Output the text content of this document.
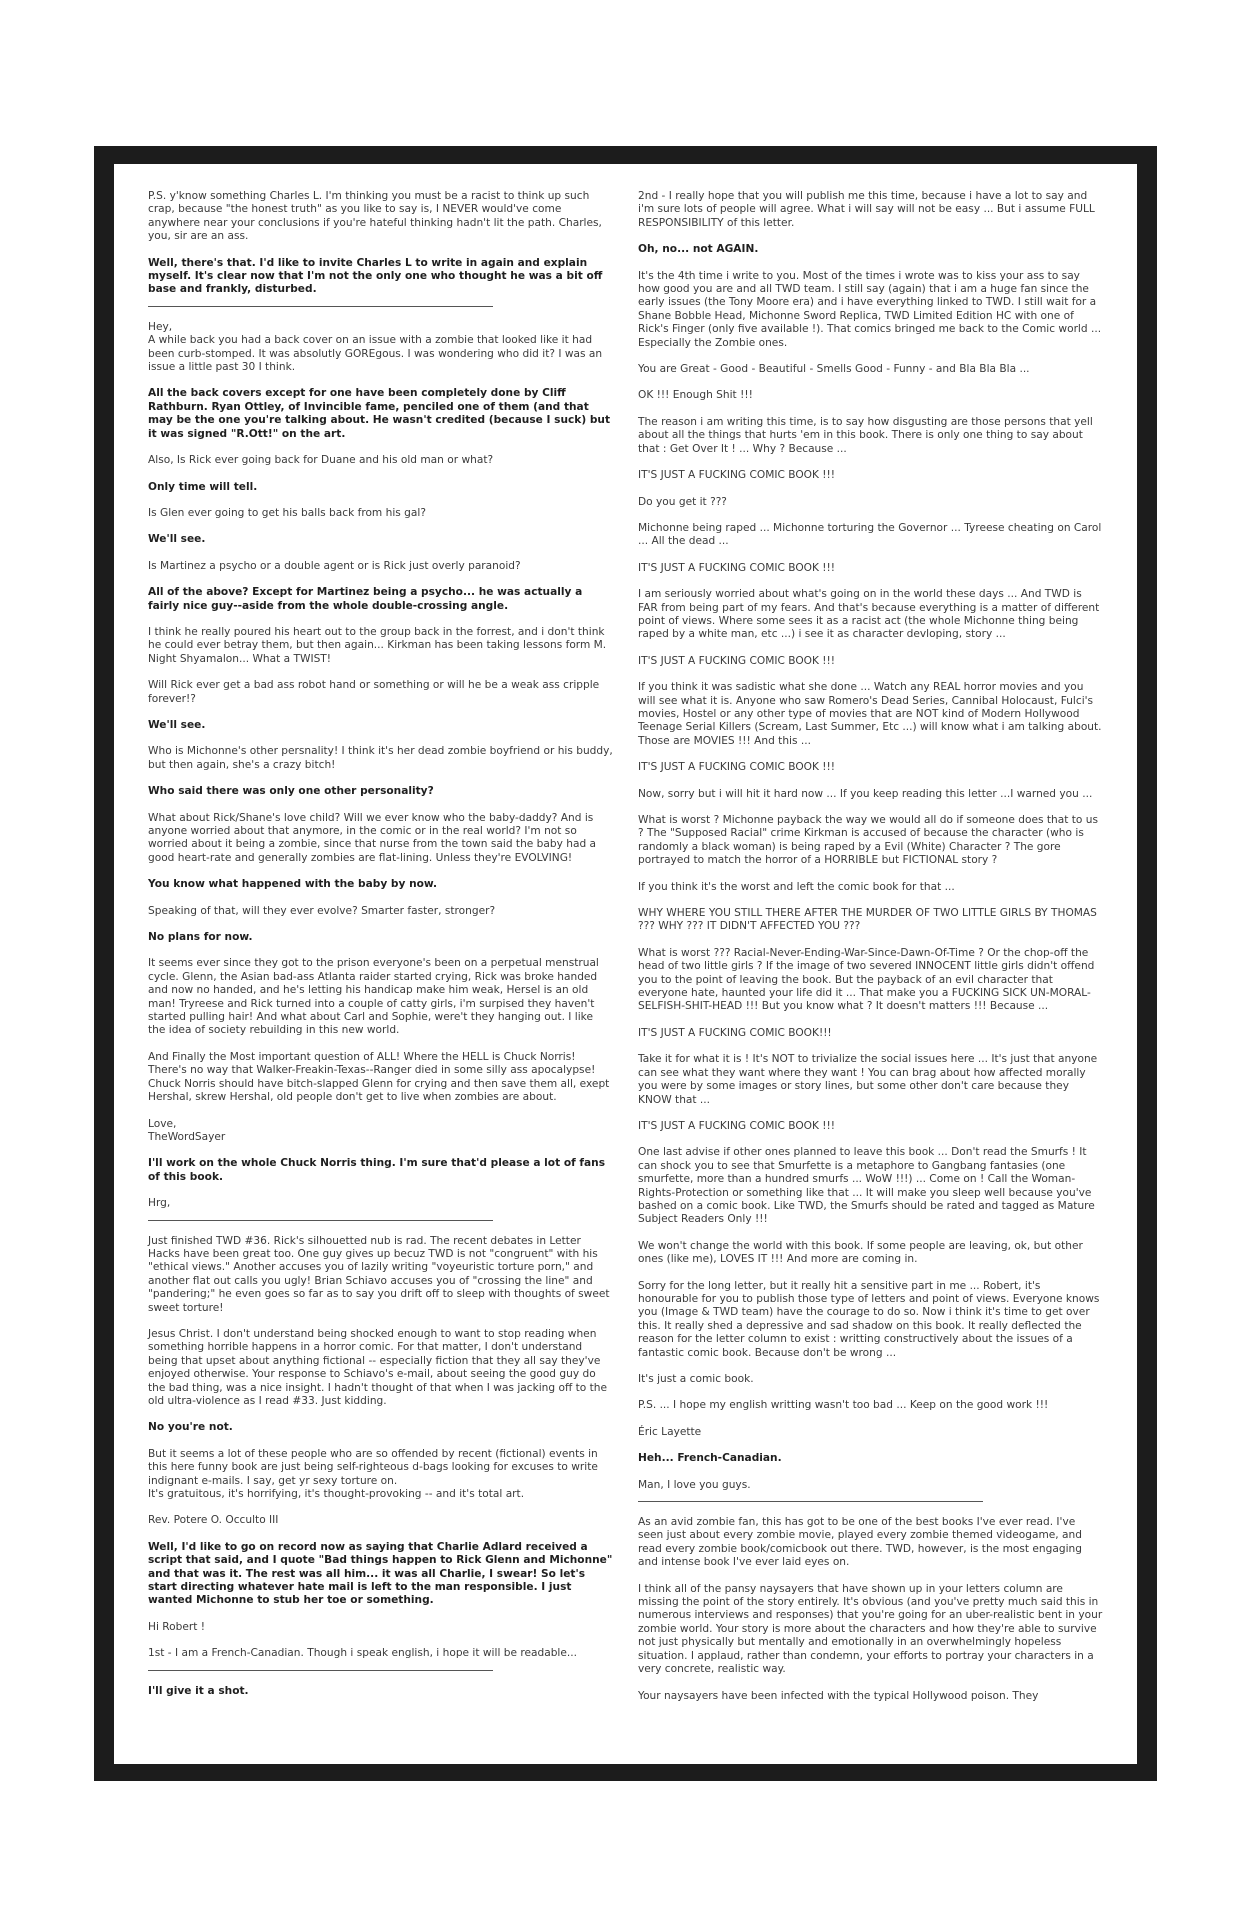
P.S. y'know something Charles L. I'm thinking you must be a racist to think up such crap, because "the honest truth" as you like to say is, I NEVER would've come anywhere near your conclusions if you're hateful thinking hadn't lit the path. Charles, you, sir are an ass.

Well, there's that. I'd like to invite Charles L to write in again and explain myself. It's clear now that I'm not the only one who thought he was a bit off base and frankly, disturbed.

Hey,
A while back you had a back cover on an issue with a zombie that looked like it had been curb-stomped. It was absolutly GOREgous. I was wondering who did it? I was an issue a little past 30 I think.

All the back covers except for one have been completely done by Cliff Rathburn. Ryan Ottley, of Invincible fame, penciled one of them (and that may be the one you're talking about. He wasn't credited (because I suck) but it was signed "R.Ott!" on the art.

Also, Is Rick ever going back for Duane and his old man or what?

Only time will tell.

Is Glen ever going to get his balls back from his gal?

We'll see.

Is Martinez a psycho or a double agent or is Rick just overly paranoid?

All of the above? Except for Martinez being a psycho... he was actually a fairly nice guy--aside from the whole double-crossing angle.

I think he really poured his heart out to the group back in the forrest, and i don't think he could ever betray them, but then again... Kirkman has been taking lessons form M. Night Shyamalon... What a TWIST!

Will Rick ever get a bad ass robot hand or something or will he be a weak ass cripple forever!?

We'll see.

Who is Michonne's other persnality! I think it's her dead zombie boyfriend or his buddy, but then again, she's a crazy bitch!

Who said there was only one other personality?

What about Rick/Shane's love child? Will we ever know who the baby-daddy? And is anyone worried about that anymore, in the comic or in the real world? I'm not so worried about it being a zombie, since that nurse from the town said the baby had a good heart-rate and generally zombies are flat-lining. Unless they're EVOLVING!

You know what happened with the baby by now.

Speaking of that, will they ever evolve? Smarter faster, stronger?

No plans for now.

It seems ever since they got to the prison everyone's been on a perpetual menstrual cycle. Glenn, the Asian bad-ass Atlanta raider started crying, Rick was broke handed and now no handed, and he's letting his handicap make him weak, Hersel is an old man! Tryreese and Rick turned into a couple of catty girls, i'm surpised they haven't started pulling hair! And what about Carl and Sophie, were't they hanging out. I like the idea of society rebuilding in this new world.

And Finally the Most important question of ALL! Where the HELL is Chuck Norris! There's no way that Walker-Freakin-Texas--Ranger died in some silly ass apocalypse! Chuck Norris should have bitch-slapped Glenn for crying and then save them all, exept Hershal, skrew Hershal, old people don't get to live when zombies are about.

Love,
TheWordSayer

I'll work on the whole Chuck Norris thing. I'm sure that'd please a lot of fans of this book.

Hrg,

Just finished TWD #36. Rick's silhouetted nub is rad. The recent debates in Letter Hacks have been great too. One guy gives up becuz TWD is not "congruent" with his "ethical views." Another accuses you of lazily writing "voyeuristic torture porn," and another flat out calls you ugly! Brian Schiavo accuses you of "crossing the line" and "pandering;" he even goes so far as to say you drift off to sleep with thoughts of sweet sweet torture!

Jesus Christ. I don't understand being shocked enough to want to stop reading when something horrible happens in a horror comic. For that matter, I don't understand being that upset about anything fictional -- especially fiction that they all say they've enjoyed otherwise. Your response to Schiavo's e-mail, about seeing the good guy do the bad thing, was a nice insight. I hadn't thought of that when I was jacking off to the old ultra-violence as I read #33. Just kidding.

No you're not.

But it seems a lot of these people who are so offended by recent (fictional) events in this here funny book are just being self-righteous d-bags looking for excuses to write indignant e-mails. I say, get yr sexy torture on.
It's gratuitous, it's horrifying, it's thought-provoking -- and it's total art.

Rev. Potere O. Occulto III

Well, I'd like to go on record now as saying that Charlie Adlard received a script that said, and I quote "Bad things happen to Rick Glenn and Michonne" and that was it. The rest was all him... it was all Charlie, I swear! So let's start directing whatever hate mail is left to the man responsible. I just wanted Michonne to stub her toe or something.

Hi Robert !

1st - I am a French-Canadian. Though i speak english, i hope it will be readable...

I'll give it a shot.

2nd - I really hope that you will publish me this time, because i have a lot to say and i'm sure lots of people will agree. What i will say will not be easy ... But i assume FULL RESPONSIBILITY of this letter.

Oh, no... not AGAIN.

It's the 4th time i write to you. Most of the times i wrote was to kiss your ass to say how good you are and all TWD team. I still say (again) that i am a huge fan since the early issues (the Tony Moore era) and i have everything linked to TWD. I still wait for a Shane Bobble Head, Michonne Sword Replica, TWD Limited Edition HC with one of Rick's Finger (only five available !). That comics bringed me back to the Comic world ... Especially the Zombie ones.

You are Great - Good - Beautiful - Smells Good - Funny - and Bla Bla Bla ...

OK !!! Enough Shit !!!

The reason i am writing this time, is to say how disgusting are those persons that yell about all the things that hurts 'em in this book. There is only one thing to say about that : Get Over It ! ... Why ? Because ...

IT'S JUST A FUCKING COMIC BOOK !!!

Do you get it ???

Michonne being raped ... Michonne torturing the Governor ... Tyreese cheating on Carol ... All the dead ...

IT'S JUST A FUCKING COMIC BOOK !!!

I am seriously worried about what's going on in the world these days ... And TWD is FAR from being part of my fears. And that's because everything is a matter of different point of views. Where some sees it as a racist act (the whole Michonne thing being raped by a white man, etc ...) i see it as character devloping, story ...

IT'S JUST A FUCKING COMIC BOOK !!!

If you think it was sadistic what she done ... Watch any REAL horror movies and you will see what it is. Anyone who saw Romero's Dead Series, Cannibal Holocaust, Fulci's movies, Hostel or any other type of movies that are NOT kind of Modern Hollywood Teenage Serial Killers (Scream, Last Summer, Etc ...) will know what i am talking about. Those are MOVIES !!! And this ...

IT'S JUST A FUCKING COMIC BOOK !!!

Now, sorry but i will hit it hard now ... If you keep reading this letter ...I warned you ...

What is worst ? Michonne payback the way we would all do if someone does that to us ? The "Supposed Racial" crime Kirkman is accused of because the character (who is randomly a black woman) is being raped by a Evil (White) Character ? The gore portrayed to match the horror of a HORRIBLE but FICTIONAL story ?

If you think it's the worst and left the comic book for that ...

WHY WHERE YOU STILL THERE AFTER THE MURDER OF TWO LITTLE GIRLS BY THOMAS ??? WHY ??? IT DIDN'T AFFECTED YOU ???

What is worst ??? Racial-Never-Ending-War-Since-Dawn-Of-Time ? Or the chop-off the head of two little girls ? If the image of two severed INNOCENT little girls didn't offend you to the point of leaving the book. But the payback of an evil character that everyone hate, haunted your life did it ... That make you a FUCKING SICK UN-MORAL-SELFISH-SHIT-HEAD !!! But you know what ? It doesn't matters !!! Because ...

IT'S JUST A FUCKING COMIC BOOK!!!

Take it for what it is ! It's NOT to trivialize the social issues here ... It's just that anyone can see what they want where they want ! You can brag about how affected morally you were by some images or story lines, but some other don't care because they KNOW that ...

IT'S JUST A FUCKING COMIC BOOK !!!

One last advise if other ones planned to leave this book ... Don't read the Smurfs ! It can shock you to see that Smurfette is a metaphore to Gangbang fantasies (one smurfette, more than a hundred smurfs ... WoW !!!) ... Come on ! Call the Woman-Rights-Protection or something like that ... It will make you sleep well because you've bashed on a comic book. Like TWD, the Smurfs should be rated and tagged as Mature Subject Readers Only !!!

We won't change the world with this book. If some people are leaving, ok, but other ones (like me), LOVES IT !!! And more are coming in.

Sorry for the long letter, but it really hit a sensitive part in me ... Robert, it's honourable for you to publish those type of letters and point of views. Everyone knows you (Image & TWD team) have the courage to do so. Now i think it's time to get over this. It really shed a depressive and sad shadow on this book. It really deflected the reason for the letter column to exist : writting constructively about the issues of a fantastic comic book. Because don't be wrong ...

It's just a comic book.

P.S. ... I hope my english writting wasn't too bad ... Keep on the good work !!!

Éric Layette

Heh... French-Canadian.

Man, I love you guys.

As an avid zombie fan, this has got to be one of the best books I've ever read. I've seen just about every zombie movie, played every zombie themed videogame, and read every zombie book/comicbook out there. TWD, however, is the most engaging and intense book I've ever laid eyes on.

I think all of the pansy naysayers that have shown up in your letters column are missing the point of the story entirely. It's obvious (and you've pretty much said this in numerous interviews and responses) that you're going for an uber-realistic bent in your zombie world. Your story is more about the characters and how they're able to survive not just physically but mentally and emotionally in an overwhelmingly hopeless situation. I applaud, rather than condemn, your efforts to portray your characters in a very concrete, realistic way.

Your naysayers have been infected with the typical Hollywood poison. They
